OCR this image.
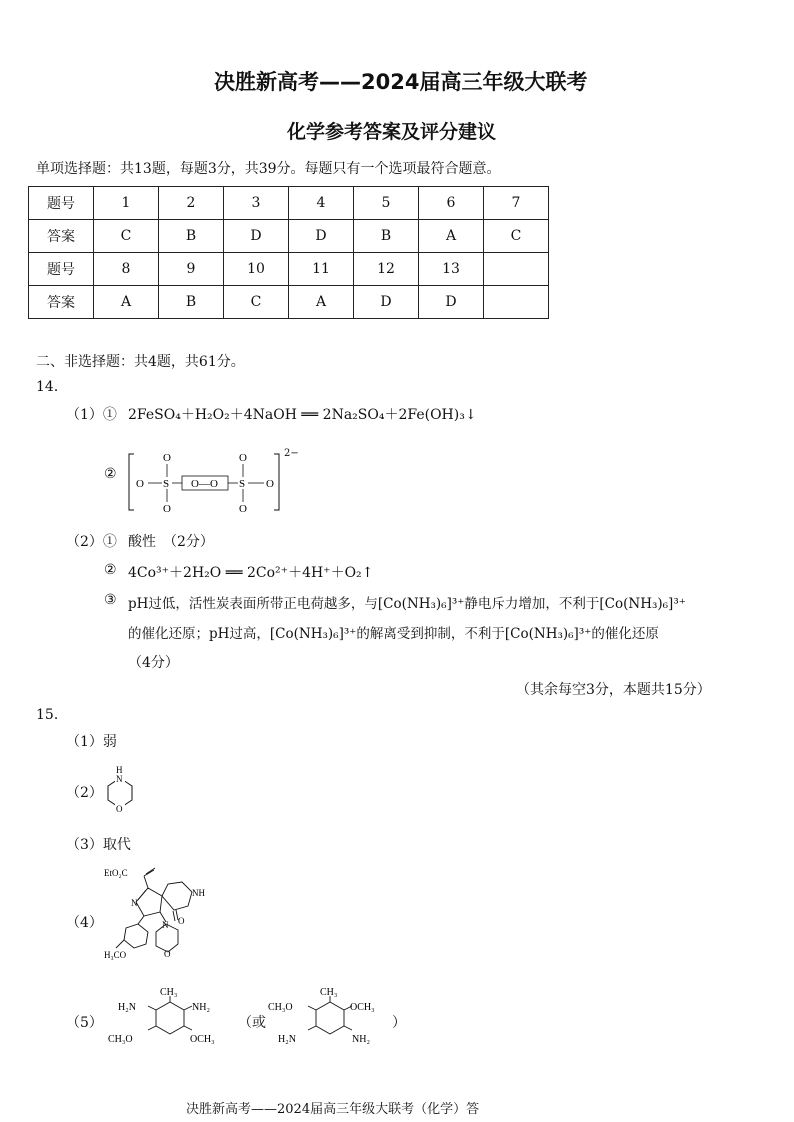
决胜新高考——2024届高三年级大联考
化学参考答案及评分建议
单项选择题：共13题，每题3分，共39分。每题只有一个选项最符合题意。
题号	1	2	3	4	5	6	7
答案	C	B	D	D	B	A	C
题号	8	9	10	11	12	13	
答案	A	B	C	A	D	D	
二、非选择题：共4题，共61分。
14．
（1）① 2FeSO₄＋H₂O₂＋4NaOH ══ 2Na₂SO₄＋2Fe(OH)₃↓
②
O S
O
O
O—O S
O
O
O
2−
（2）① 酸性　（2分）
② 4Co³⁺＋2H₂O ══ 2Co²⁺＋4H⁺＋O₂↑
③ pH过低，活性炭表面所带正电荷越多，与[Co(NH₃)₆]³⁺静电斥力增加，不利于[Co(NH₃)₆]³⁺
的催化还原；pH过高，[Co(NH₃)₆]³⁺的解离受到抑制，不利于[Co(NH₃)₆]³⁺的催化还原
（4分）
（其余每空3分，本题共15分）
15．
（1）弱
（2）
H
N
O
（3）取代
（4）
EtO₂C
N
NH
O
N
O
H₃CO
（5）
CH₃
H₂N	NH₂
CH₃O	OCH₃
（或
CH₃
CH₃O	OCH₃
H₂N	NH₂
）
决胜新高考——2024届高三年级大联考（化学）答
